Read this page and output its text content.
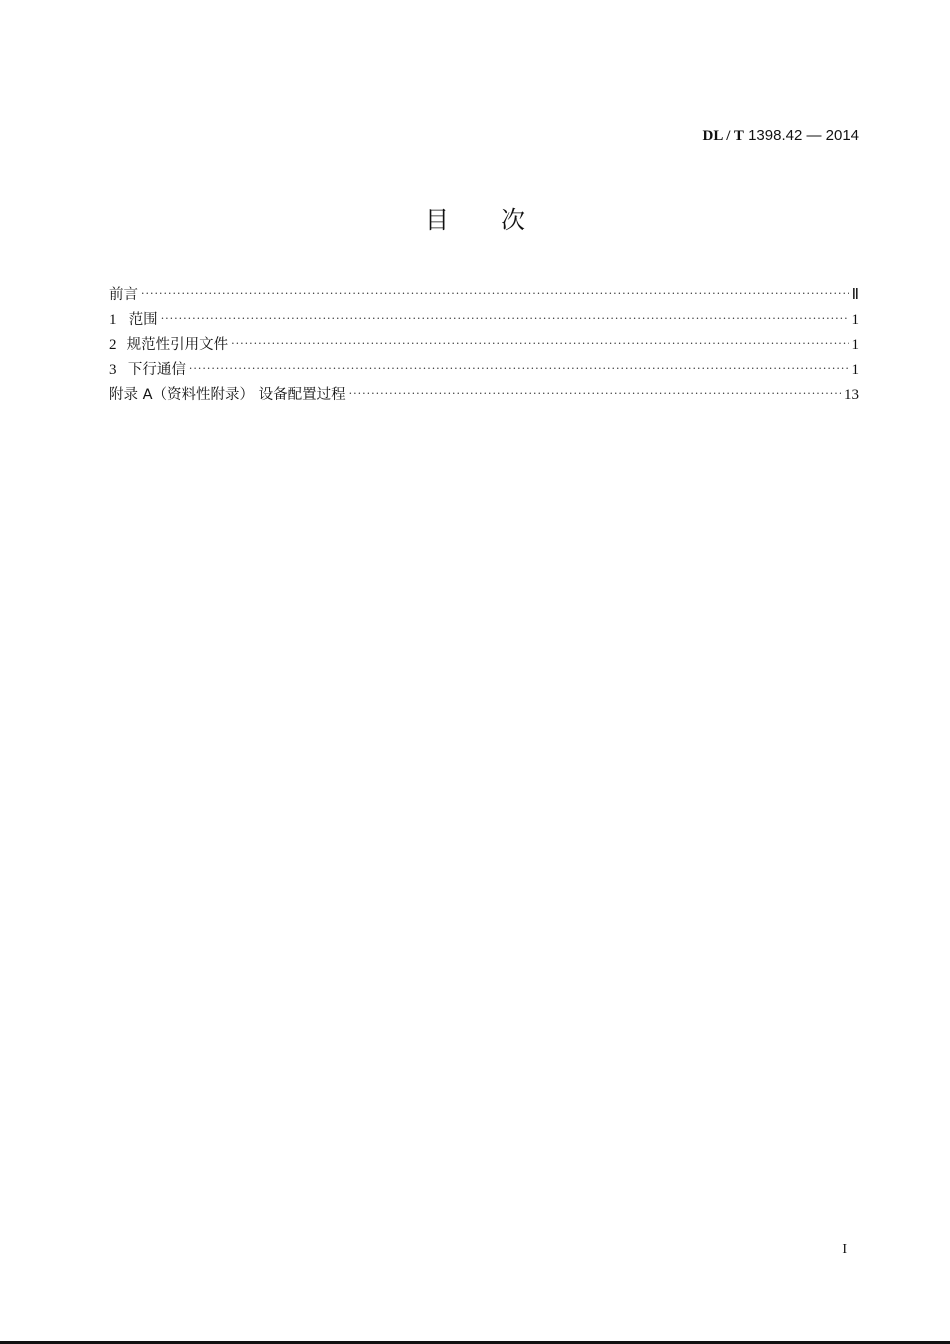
DL / T 1398.42 — 2014
目 次
前言 ·····	Ⅱ
1 范围 ·····	1
2 规范性引用文件 ·····	1
3 下行通信 ·····	1
附录 A（资料性附录） 设备配置过程 ·····	13
I
